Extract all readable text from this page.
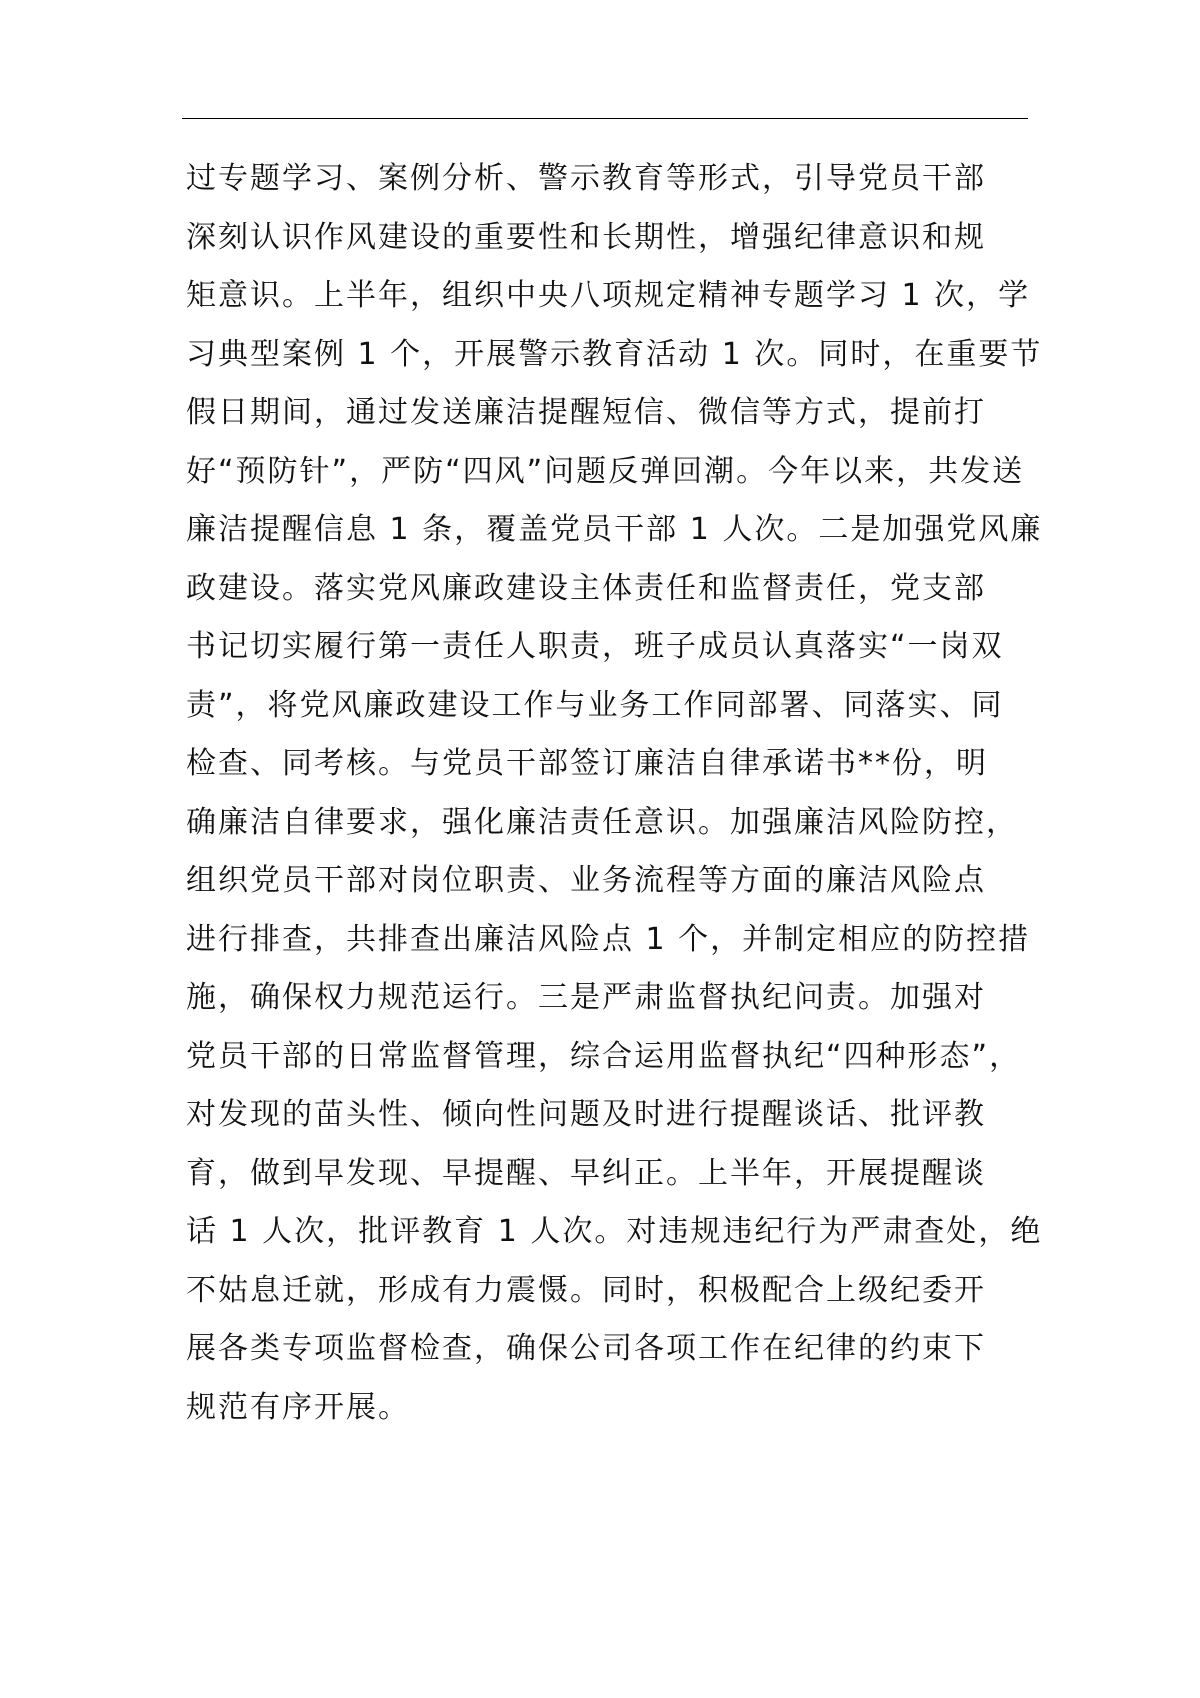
过专题学习、案例分析、警示教育等形式，引导党员干部
深刻认识作风建设的重要性和长期性，增强纪律意识和规
矩意识。上半年，组织中央八项规定精神专题学习 1 次，学
习典型案例 1 个，开展警示教育活动 1 次。同时，在重要节
假日期间，通过发送廉洁提醒短信、微信等方式，提前打
好“预防针”，严防“四风”问题反弹回潮。今年以来，共发送
廉洁提醒信息 1 条，覆盖党员干部 1 人次。二是加强党风廉
政建设。落实党风廉政建设主体责任和监督责任，党支部
书记切实履行第一责任人职责，班子成员认真落实“一岗双
责”，将党风廉政建设工作与业务工作同部署、同落实、同
检查、同考核。与党员干部签订廉洁自律承诺书**份，明
确廉洁自律要求，强化廉洁责任意识。加强廉洁风险防控，
组织党员干部对岗位职责、业务流程等方面的廉洁风险点
进行排查，共排查出廉洁风险点 1 个，并制定相应的防控措
施，确保权力规范运行。三是严肃监督执纪问责。加强对
党员干部的日常监督管理，综合运用监督执纪“四种形态”，
对发现的苗头性、倾向性问题及时进行提醒谈话、批评教
育，做到早发现、早提醒、早纠正。上半年，开展提醒谈
话 1 人次，批评教育 1 人次。对违规违纪行为严肃查处，绝
不姑息迁就，形成有力震慑。同时，积极配合上级纪委开
展各类专项监督检查，确保公司各项工作在纪律的约束下
规范有序开展。
